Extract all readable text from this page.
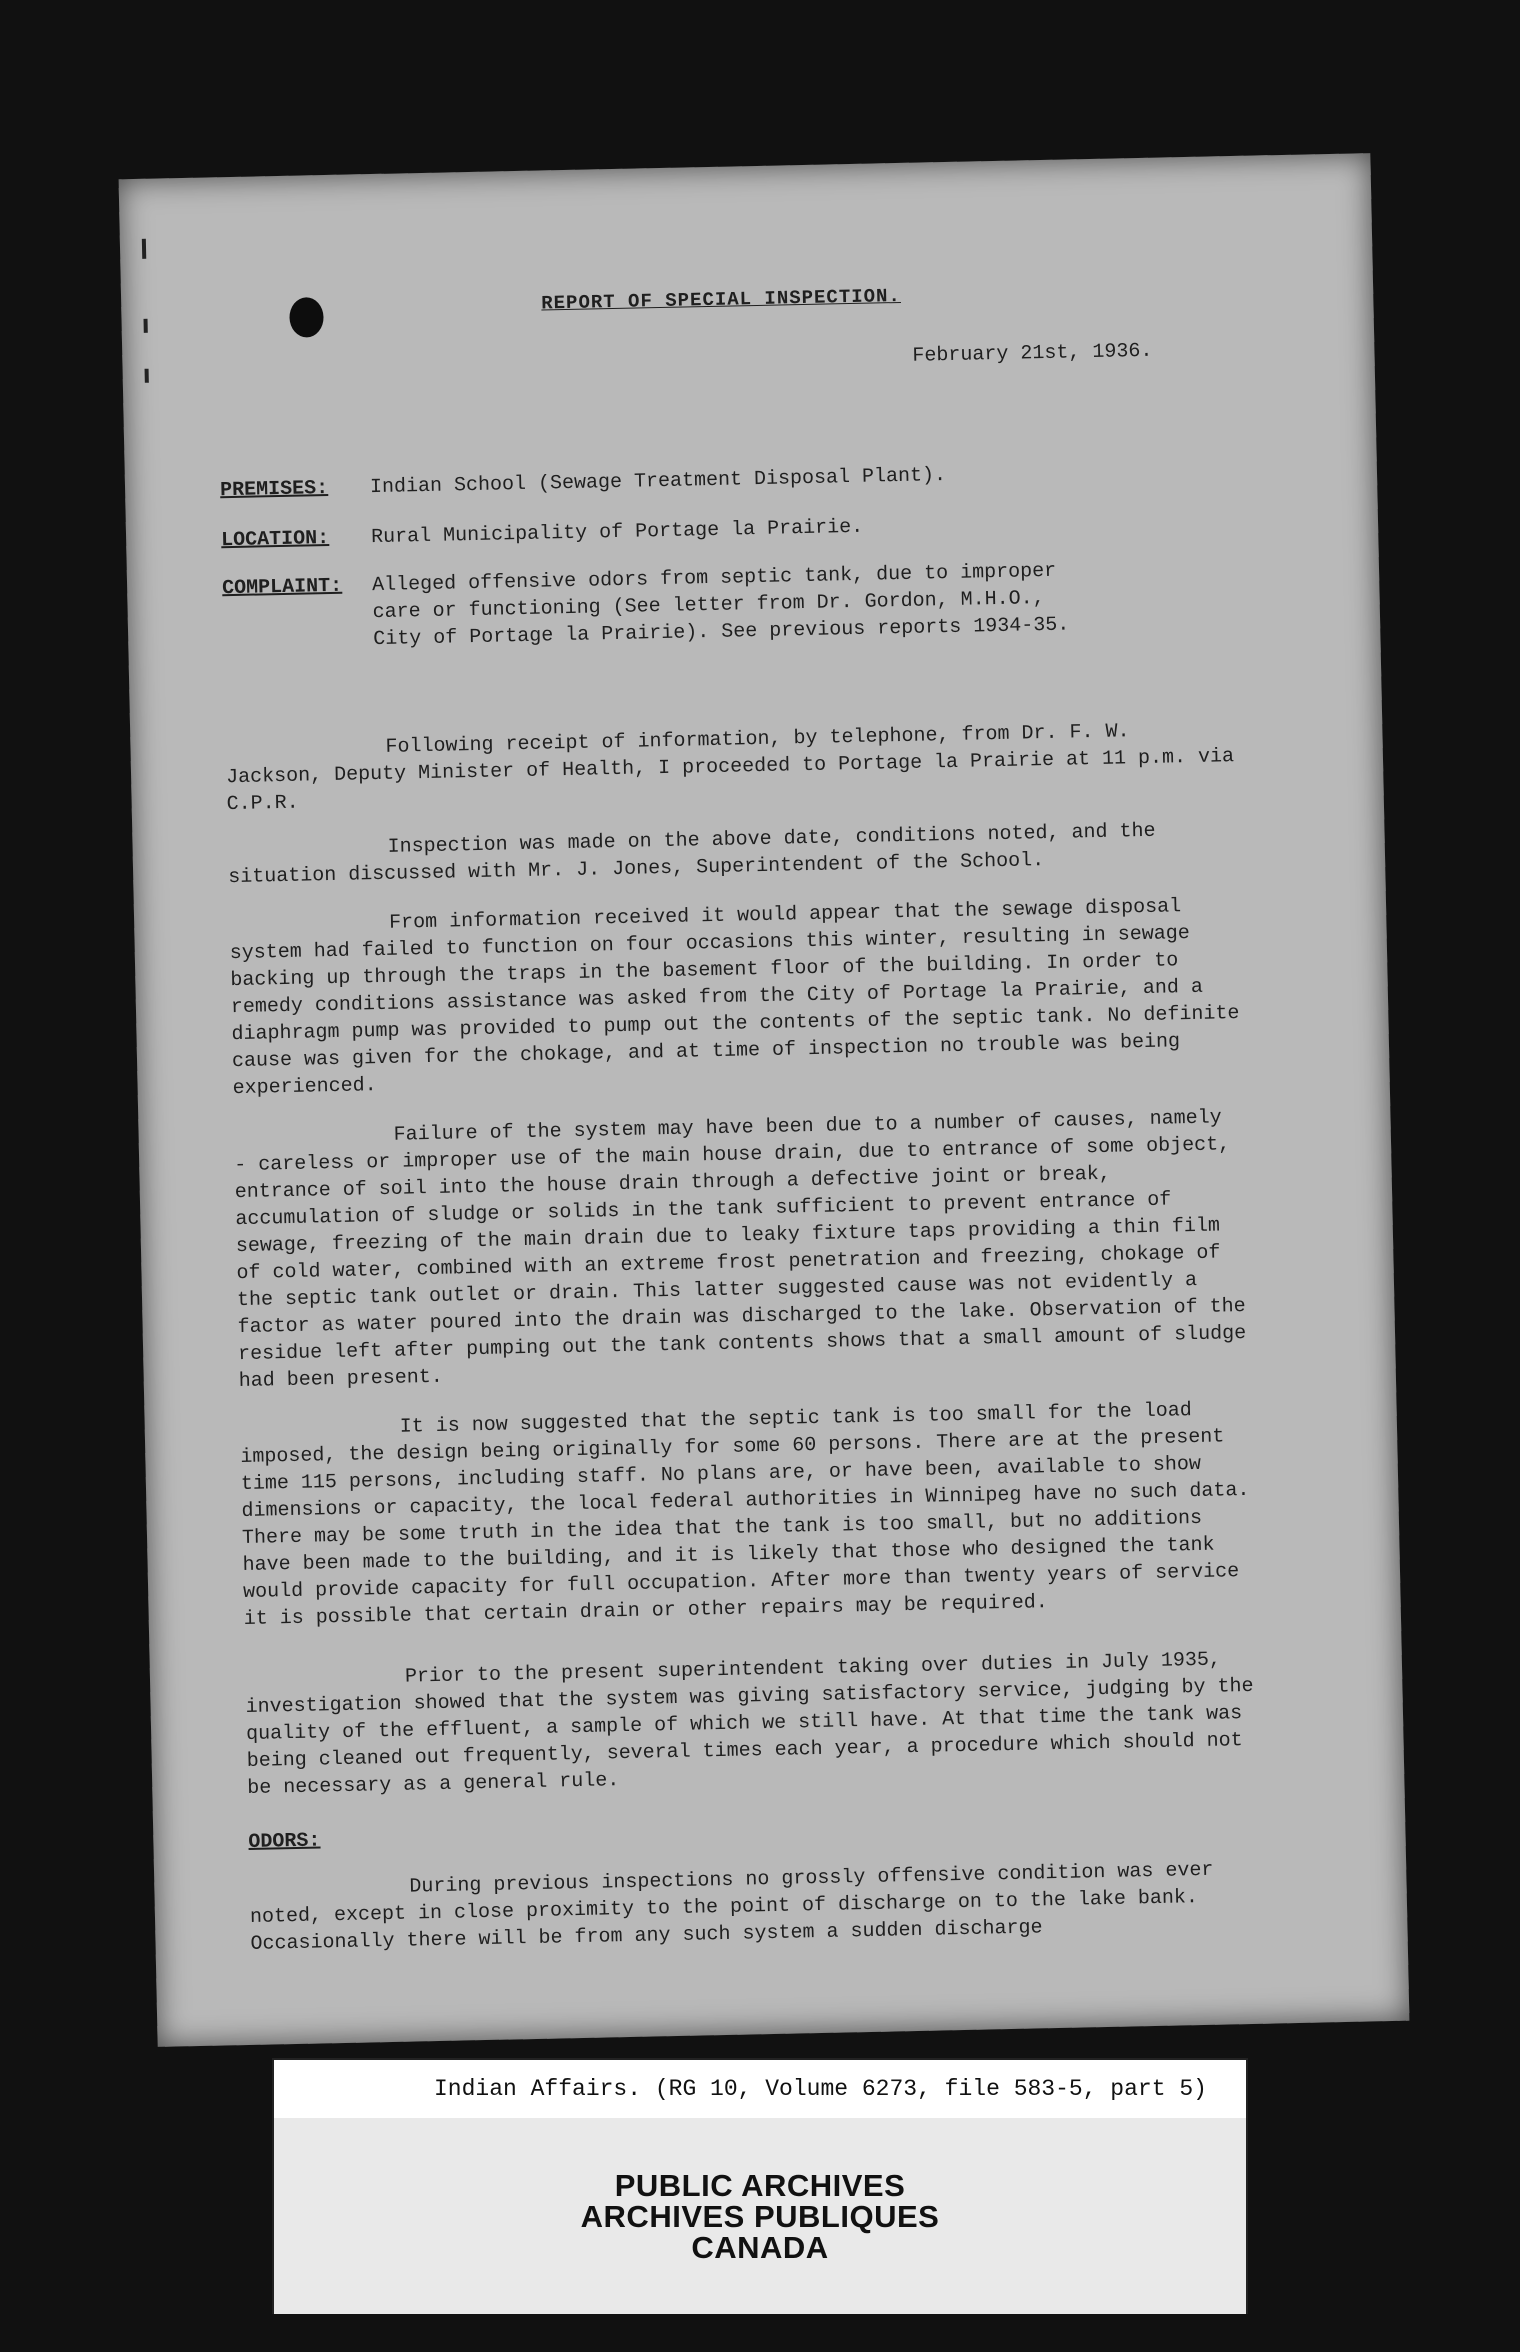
REPORT OF SPECIAL INSPECTION.
February 21st, 1936.
PREMISES:	Indian School (Sewage Treatment Disposal Plant).
LOCATION:	Rural Municipality of Portage la Prairie.
COMPLAINT:	Alleged offensive odors from septic tank, due to improper care or functioning (See letter from Dr. Gordon, M.H.O., City of Portage la Prairie). See previous reports 1934-35.

Following receipt of information, by telephone, from Dr. F. W. Jackson, Deputy Minister of Health, I proceeded to Portage la Prairie at 11 p.m. via C.P.R.

Inspection was made on the above date, conditions noted, and the situation discussed with Mr. J. Jones, Superintendent of the School.

From information received it would appear that the sewage disposal system had failed to function on four occasions this winter, resulting in sewage backing up through the traps in the basement floor of the building. In order to remedy conditions assistance was asked from the City of Portage la Prairie, and a diaphragm pump was provided to pump out the contents of the septic tank. No definite cause was given for the chokage, and at time of inspection no trouble was being experienced.

Failure of the system may have been due to a number of causes, namely - careless or improper use of the main house drain, due to entrance of some object, entrance of soil into the house drain through a defective joint or break, accumulation of sludge or solids in the tank sufficient to prevent entrance of sewage, freezing of the main drain due to leaky fixture taps providing a thin film of cold water, combined with an extreme frost penetration and freezing, chokage of the septic tank outlet or drain. This latter suggested cause was not evidently a factor as water poured into the drain was discharged to the lake. Observation of the residue left after pumping out the tank contents shows that a small amount of sludge had been present.

It is now suggested that the septic tank is too small for the load imposed, the design being originally for some 60 persons. There are at the present time 115 persons, including staff. No plans are, or have been, available to show dimensions or capacity, the local federal authorities in Winnipeg have no such data. There may be some truth in the idea that the tank is too small, but no additions have been made to the building, and it is likely that those who designed the tank would provide capacity for full occupation. After more than twenty years of service it is possible that certain drain or other repairs may be required.

Prior to the present superintendent taking over duties in July 1935, investigation showed that the system was giving satisfactory service, judging by the quality of the effluent, a sample of which we still have. At that time the tank was being cleaned out frequently, several times each year, a procedure which should not be necessary as a general rule.

ODORS:

During previous inspections no grossly offensive condition was ever noted, except in close proximity to the point of discharge on to the lake bank. Occasionally there will be from any such system a sudden discharge

Indian Affairs. (RG 10, Volume 6273, file 583-5, part 5)
PUBLIC ARCHIVES
ARCHIVES PUBLIQUES
CANADA
